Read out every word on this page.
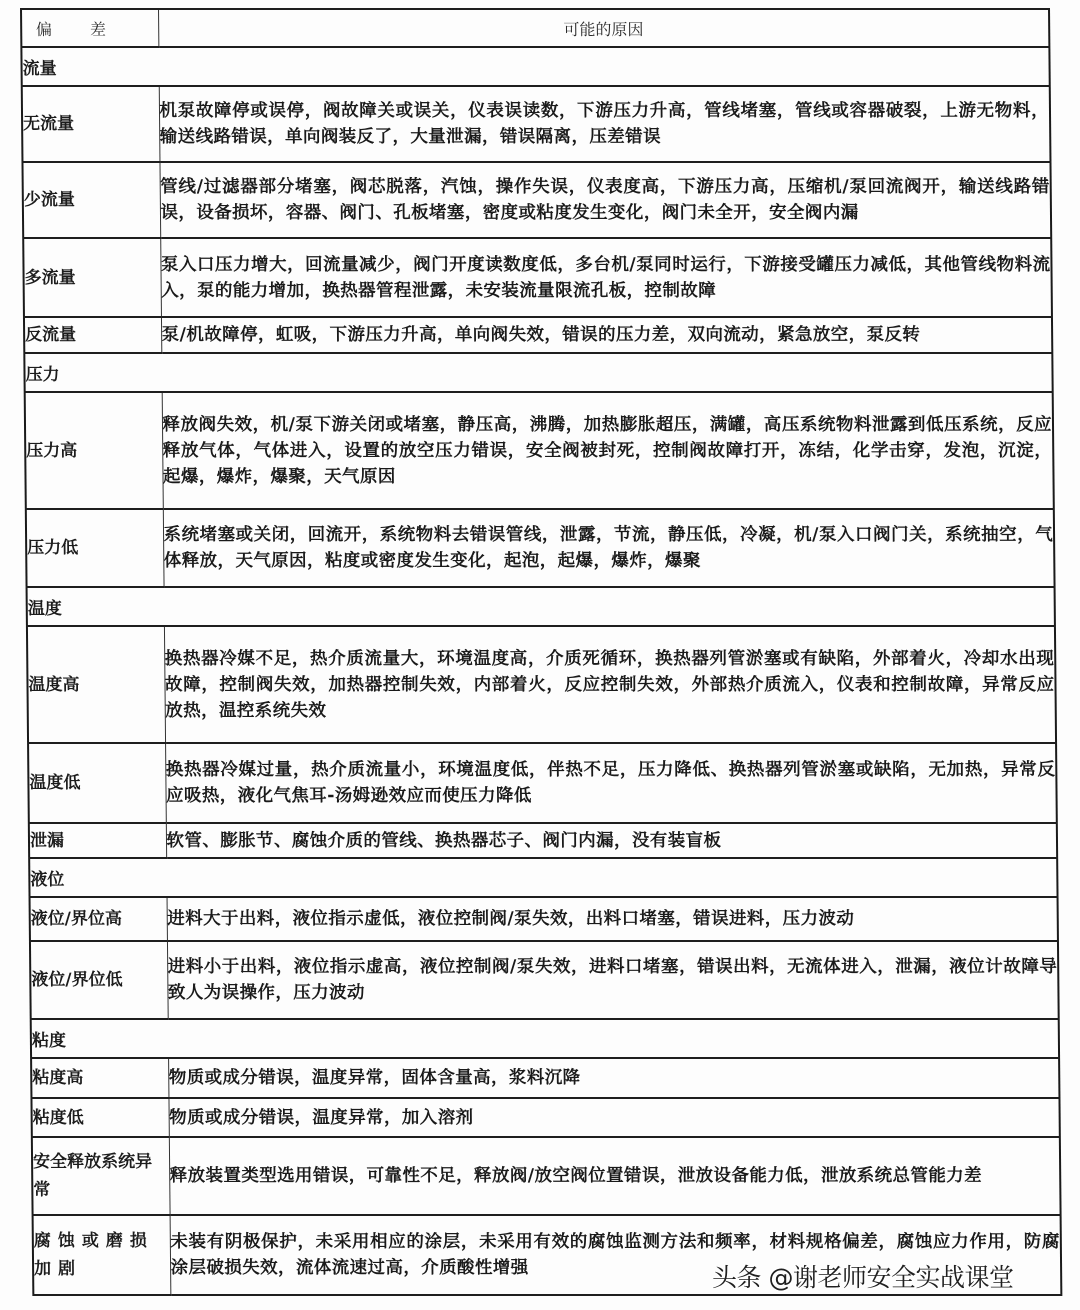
偏差	可能的原因
流量	
无流量	机泵故障停或误停，阀故障关或误关，仪表误读数，下游压力升高，管线堵塞，管线或容器破裂，上游无物料，输送线路错误，单向阀装反了，大量泄漏，错误隔离，压差错误
少流量	管线/过滤器部分堵塞，阀芯脱落，汽蚀，操作失误，仪表度高，下游压力高，压缩机/泵回流阀开，输送线路错误，设备损坏，容器、阀门、孔板堵塞，密度或粘度发生变化，阀门未全开，安全阀内漏
多流量	泵入口压力增大，回流量减少，阀门开度读数度低，多台机/泵同时运行，下游接受罐压力减低，其他管线物料流入，泵的能力增加，换热器管程泄露，未安装流量限流孔板，控制故障
反流量	泵/机故障停，虹吸，下游压力升高，单向阀失效，错误的压力差，双向流动，紧急放空，泵反转
压力	
压力高	释放阀失效，机/泵下游关闭或堵塞，静压高，沸腾，加热膨胀超压，满罐，高压系统物料泄露到低压系统，反应释放气体，气体进入，设置的放空压力错误，安全阀被封死，控制阀故障打开，冻结，化学击穿，发泡，沉淀，起爆，爆炸，爆聚，天气原因
压力低	系统堵塞或关闭，回流开，系统物料去错误管线，泄露，节流，静压低，冷凝，机/泵入口阀门关，系统抽空，气体释放，天气原因，粘度或密度发生变化，起泡，起爆，爆炸，爆聚
温度	
温度高	换热器冷媒不足，热介质流量大，环境温度高，介质死循环，换热器列管淤塞或有缺陷，外部着火，冷却水出现故障，控制阀失效，加热器控制失效，内部着火，反应控制失效，外部热介质流入，仪表和控制故障，异常反应放热，温控系统失效
温度低	换热器冷媒过量，热介质流量小，环境温度低，伴热不足，压力降低、换热器列管淤塞或缺陷，无加热，异常反应吸热，液化气焦耳-汤姆逊效应而使压力降低
泄漏	软管、膨胀节、腐蚀介质的管线、换热器芯子、阀门内漏，没有装盲板
液位	
液位/界位高	进料大于出料，液位指示虚低，液位控制阀/泵失效，出料口堵塞，错误进料，压力波动
液位/界位低	进料小于出料，液位指示虚高，液位控制阀/泵失效，进料口堵塞，错误出料，无流体进入，泄漏，液位计故障导致人为误操作，压力波动
粘度	
粘度高	物质或成分错误，温度异常，固体含量高，浆料沉降
粘度低	物质或成分错误，温度异常，加入溶剂
安全释放系统异常	释放装置类型选用错误，可靠性不足，释放阀/放空阀位置错误，泄放设备能力低，泄放系统总管能力差
腐蚀或磨损加剧	未装有阴极保护，未采用相应的涂层，未采用有效的腐蚀监测方法和频率，材料规格偏差，腐蚀应力作用，防腐涂层破损失效，流体流速过高，介质酸性增强	头条 @谢老师安全实战课堂
